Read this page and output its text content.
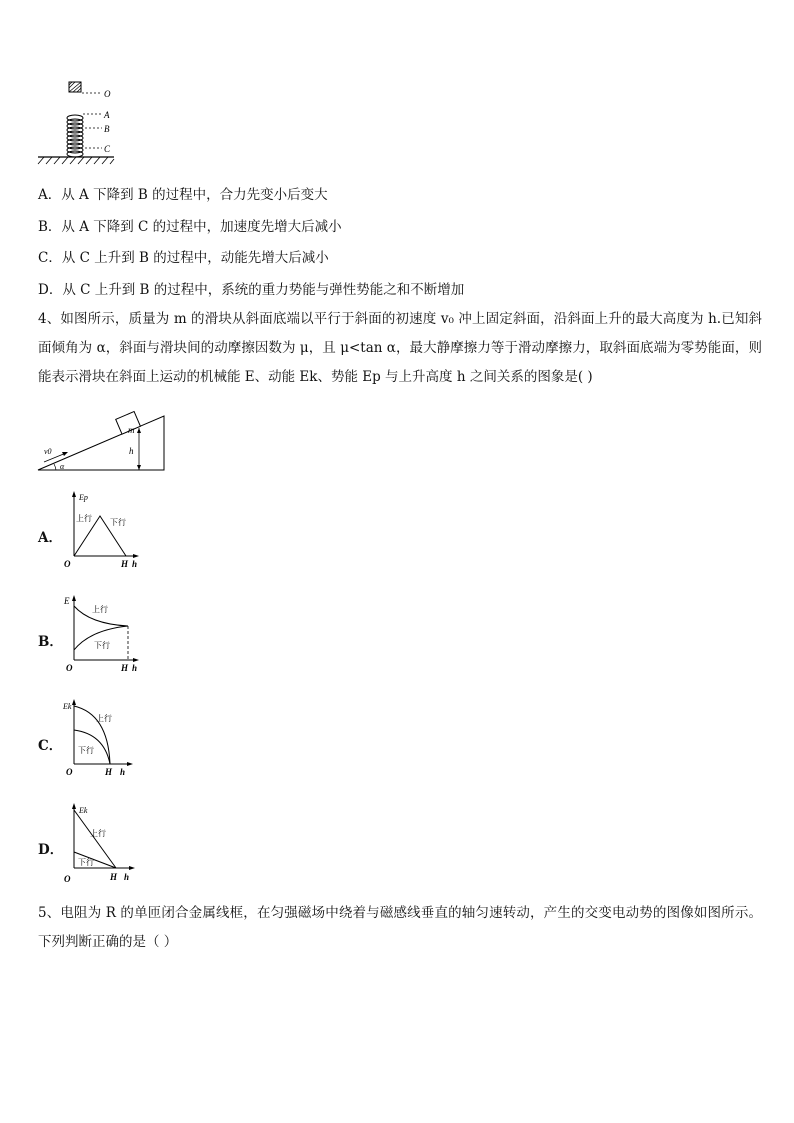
O
A
B
C
A．从 A 下降到 B 的过程中，合力先变小后变大
B．从 A 下降到 C 的过程中，加速度先增大后减小
C．从 C 上升到 B 的过程中，动能先增大后减小
D．从 C 上升到 B 的过程中，系统的重力势能与弹性势能之和不断增加
4、如图所示，质量为 m 的滑块从斜面底端以平行于斜面的初速度 v₀ 冲上固定斜面，沿斜面上升的最大高度为 h.已知斜面倾角为 α，斜面与滑块间的动摩擦因数为 μ，且 μ<tan α，最大静摩擦力等于滑动摩擦力，取斜面底端为零势能面，则能表示滑块在斜面上运动的机械能 E、动能 Ek、势能 Ep 与上升高度 h 之间关系的图象是( )
m
h
v0
α
A．
Ep
上行 下行
O	H h
B．
E
上行
下行
O	H h
C．
Ek
上行
下行
O	H h
D．
Ek
上行
下行
O	H h
5、电阻为 R 的单匝闭合金属线框，在匀强磁场中绕着与磁感线垂直的轴匀速转动，产生的交变电动势的图像如图所示。下列判断正确的是（ ）
